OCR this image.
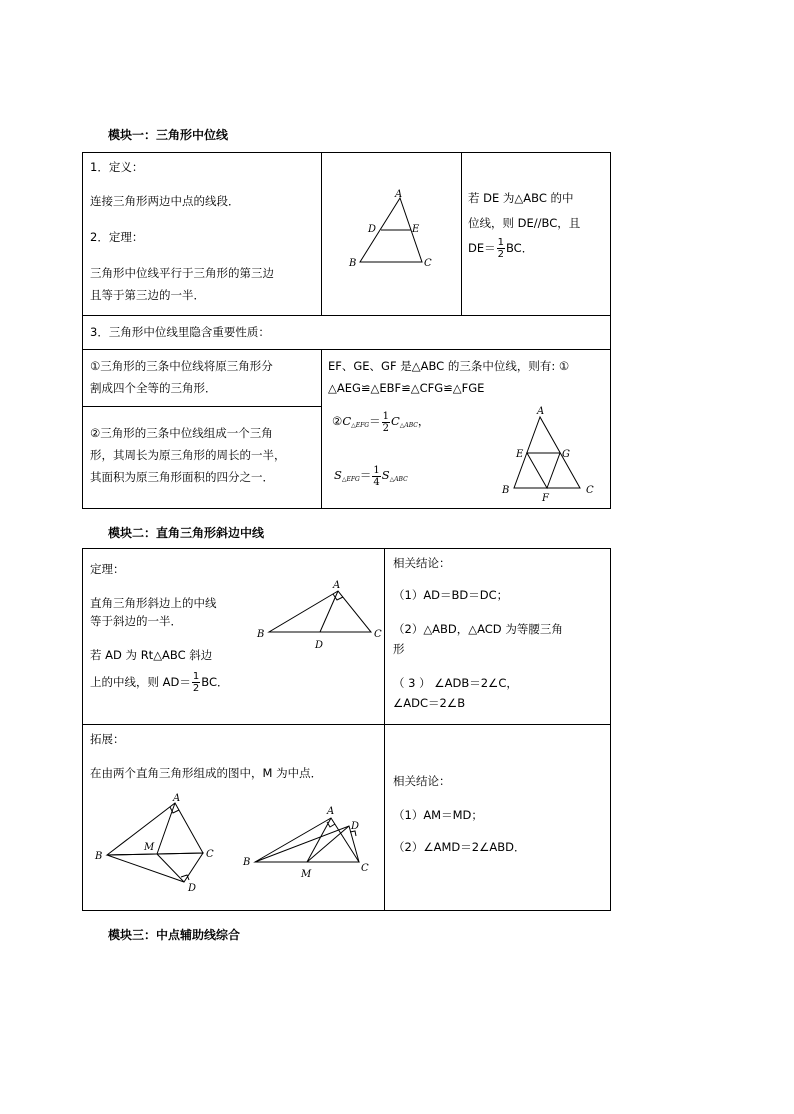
模块一：三角形中位线
1．定义：
连接三角形两边中点的线段．
2．定理：
三角形中位线平行于三角形的第三边
且等于第三边的一半．
A
B	C
D	E
若 DE 为△ABC 的中
位线，则 DE//BC，且
$DE= \frac{1}{2}$ BC．
3．三角形中位线里隐含重要性质：
①三角形的三条中位线将原三角形分
割成四个全等的三角形．
EF、GE、GF 是△ABC 的三条中位线，则有: ①
△AEG≌△EBF≌△CFG≌△FGE
$②C_{\triangle EFG}= \frac{1}{2} C_{\triangle ABC}$，
$S_{\triangle EFG}= \frac{1}{4} S_{\triangle ABC}$
A
B	C
E	G
F
②三角形的三条中位线组成一个三角
形，其周长为原三角形的周长的一半，
其面积为原三角形面积的四分之一．
模块二：直角三角形斜边中线
定理：
直角三角形斜边上的中线
等于斜边的一半．
若 AD 为 Rt△ABC 斜边
上的中线，则 $AD= \frac{1}{2}$ BC．
A
B	C
D
相关结论：
（1）AD＝BD＝DC；
（2）△ABD，△ACD 为等腰三角
形
（ 3 ） ∠ADB＝2∠C，
∠ADC＝2∠B
拓展：
在由两个直角三角形组成的图中，M 为中点．
A
B	C
D
M
A
B
C
D
M
相关结论：
（1）AM＝MD；
（2）∠AMD＝2∠ABD．
模块三：中点辅助线综合
